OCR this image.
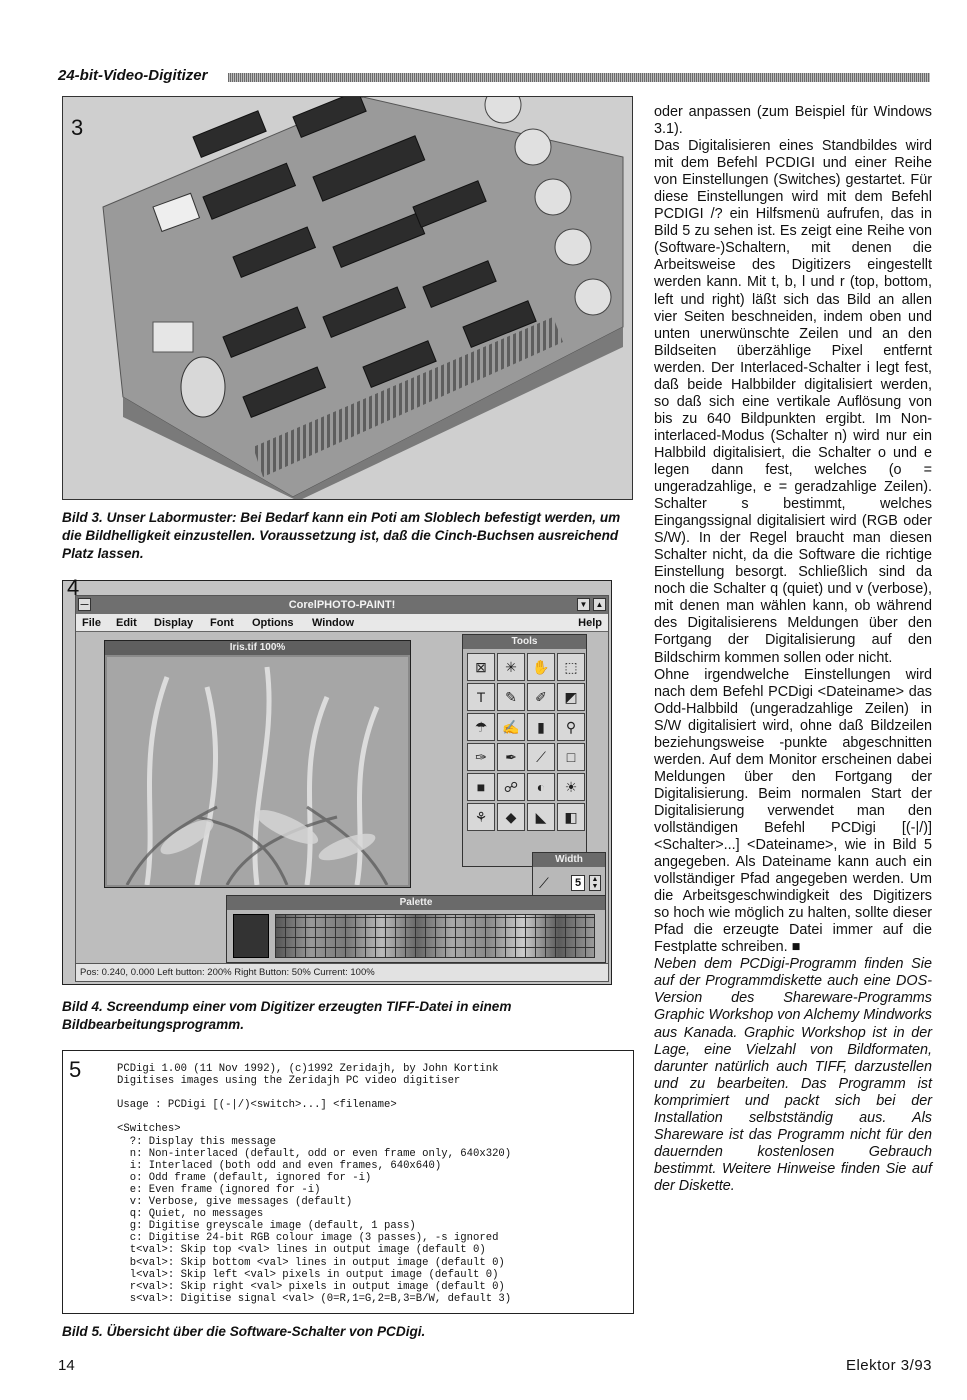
24-bit-Video-Digitizer
3
Bild 3. Unser Labormuster: Bei Bedarf kann ein Poti am Sloblech befestigt werden, um die Bildhelligkeit einzustellen. Voraussetzung ist, daß die Cinch-Buchsen ausreichend Platz lassen.
4
—	CorelPHOTO-PAINT!	▼	▲
File Edit Display Font Options Window	Help
Iris.tif 100%
Tools
⊠	✳	✋	⬚
T	✎	✐	◩
☂	✍	▮	⚲
✑	✒	⟋	□
■	☍	◐	☀
⚘	◆	◣	◧
Width
⟋	5	▲
▼
Palette
Pos: 0.240, 0.000 Left button: 200% Right Button: 50% Current: 100%
Bild 4. Screendump einer vom Digitizer erzeugten TIFF-Datei in einem Bildbearbeitungsprogramm.
5	PCDigi 1.00 (11 Nov 1992), (c)1992 Zeridajh, by John Kortink
Digitises images using the Zeridajh PC video digitiser

Usage : PCDigi [(-|/)<switch>...] <filename>

<Switches>
?: Display this message
n: Non-interlaced (default, odd or even frame only, 640x320)
i: Interlaced (both odd and even frames, 640x640)
o: Odd frame (default, ignored for -i)
e: Even frame (ignored for -i)
v: Verbose, give messages (default)
q: Quiet, no messages
g: Digitise greyscale image (default, 1 pass)
c: Digitise 24-bit RGB colour image (3 passes), -s ignored
t<val>: Skip top <val> lines in output image (default 0)
b<val>: Skip bottom <val> lines in output image (default 0)
l<val>: Skip left <val> pixels in output image (default 0)
r<val>: Skip right <val> pixels in output image (default 0)
s<val>: Digitise signal <val> (0=R,1=G,2=B,3=B/W, default 3)
Bild 5. Übersicht über die Software-Schalter von PCDigi.

oder anpassen (zum Beispiel für Windows 3.1).

Das Digitalisieren eines Standbildes wird mit dem Befehl PCDIGI und einer Reihe von Einstellungen (Switches) gestartet. Für diese Einstellungen wird mit dem Befehl PCDIGI /? ein Hilfsmenü aufrufen, das in Bild 5 zu sehen ist. Es zeigt eine Reihe von (Software-)Schaltern, mit denen die Arbeitsweise des Digitizers eingestellt werden kann. Mit t, b, l und r (top, bottom, left und right) läßt sich das Bild an allen vier Seiten beschneiden, indem oben und unten unerwünschte Zeilen und an den Bildseiten überzählige Pixel entfernt werden. Der Interlaced-Schalter i legt fest, daß beide Halbbilder digitalisiert werden, so daß sich eine vertikale Auflösung von bis zu 640 Bildpunkten ergibt. Im Non-interlaced-Modus (Schalter n) wird nur ein Halbbild digitalisiert, die Schalter o und e legen dann fest, welches (o = ungeradzahlige, e = geradzahlige Zeilen). Schalter s bestimmt, welches Eingangssignal digitalisiert wird (RGB oder S/W). In der Regel braucht man diesen Schalter nicht, da die Software die richtige Einstellung besorgt. Schließlich sind da noch die Schalter q (quiet) und v (verbose), mit denen man wählen kann, ob während des Digitalisierens Meldungen über den Fortgang der Digitalisierung auf den Bildschirm kommen sollen oder nicht.

Ohne irgendwelche Einstellungen wird nach dem Befehl PCDigi <Dateiname> das Odd-Halbbild (ungeradzahlige Zeilen) in S/W digitalisiert wird, ohne daß Bildzeilen beziehungsweise -punkte abgeschnitten werden. Auf dem Monitor erscheinen dabei Meldungen über den Fortgang der Digitalisierung. Beim normalen Start der Digitalisierung verwendet man den vollständigen Befehl PCDigi [(-|/)] <Schalter>...] <Dateiname>, wie in Bild 5 angegeben. Als Dateiname kann auch ein vollständiger Pfad angegeben werden. Um die Arbeitsgeschwindigkeit des Digitizers so hoch wie möglich zu halten, sollte dieser Pfad die erzeugte Datei immer auf die Festplatte schreiben. ■

Neben dem PCDigi-Programm finden Sie auf der Programmdiskette auch eine DOS-Version des Shareware-Programms Graphic Workshop von Alchemy Mindworks aus Kanada. Graphic Workshop ist in der Lage, eine Vielzahl von Bildformaten, darunter natürlich auch TIFF, darzustellen und zu bearbeiten. Das Programm ist komprimiert und packt sich bei der Installation selbstständig aus. Als Shareware ist das Programm nicht für den dauernden kostenlosen Gebrauch bestimmt. Weitere Hinweise finden Sie auf der Diskette.

14	Elektor 3/93
